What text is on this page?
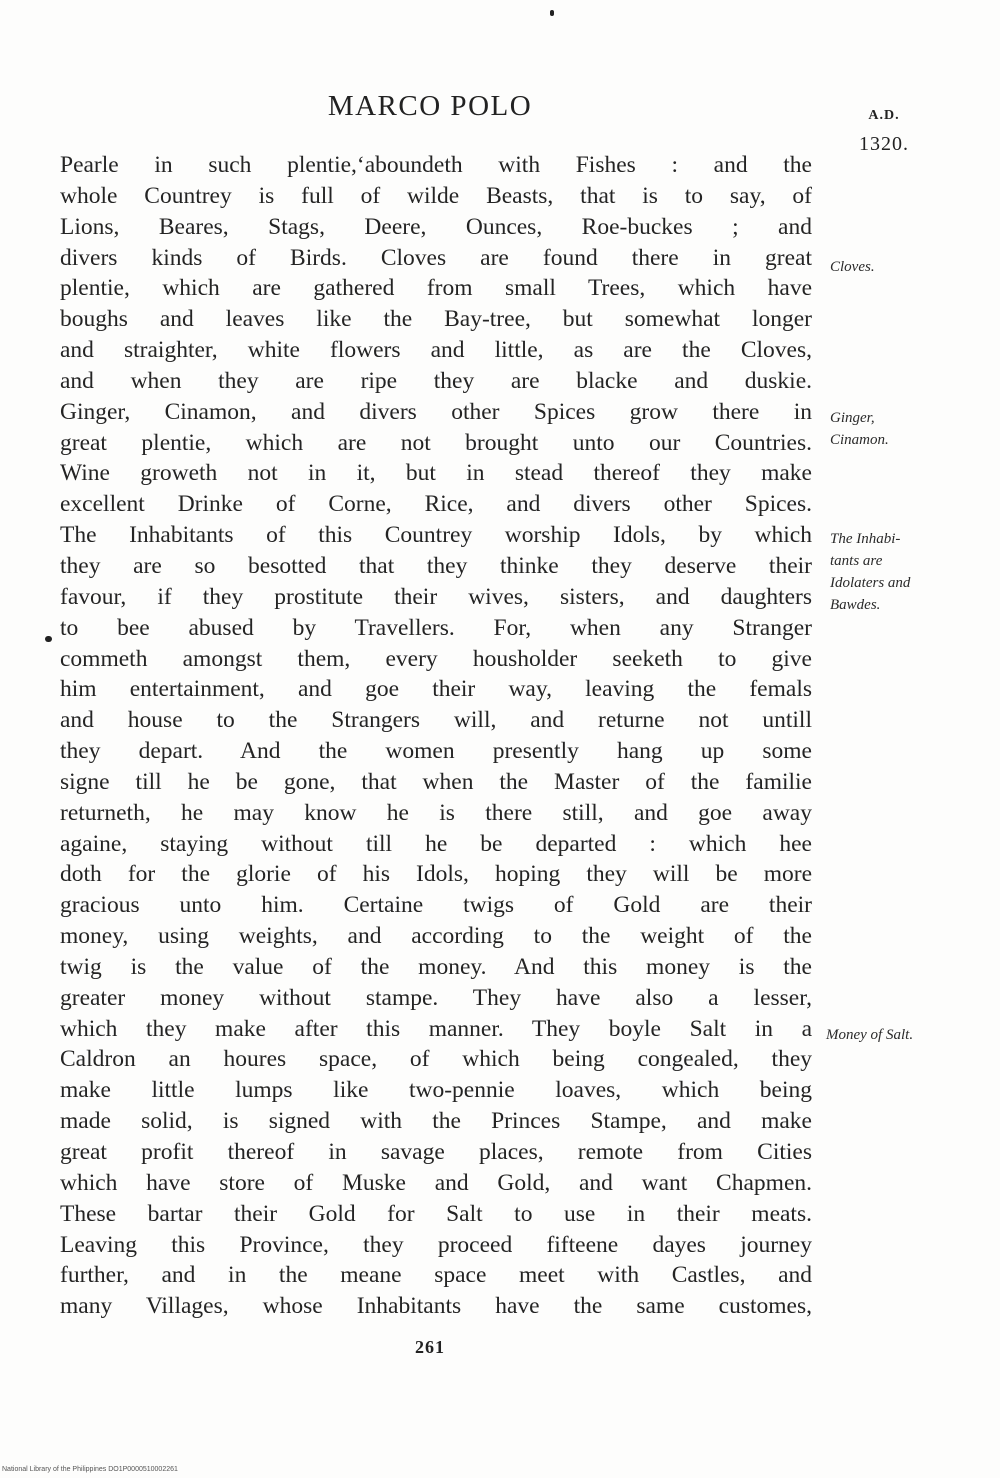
MARCO POLO	A.D.
1320.
Pearle in such plentie,ʻaboundeth with Fishes : and the
whole Countrey is full of wilde Beasts, that is to say, of
Lions, Beares, Stags, Deere, Ounces, Roe-buckes ; and
divers kinds of Birds. Cloves are found there in great
plentie, which are gathered from small Trees, which have
boughs and leaves like the Bay-tree, but somewhat longer
and straighter, white flowers and little, as are the Cloves,
and when they are ripe they are blacke and duskie.
Ginger, Cinamon, and divers other Spices grow there in
great plentie, which are not brought unto our Countries.
Wine groweth not in it, but in stead thereof they make
excellent Drinke of Corne, Rice, and divers other Spices.
The Inhabitants of this Countrey worship Idols, by which
they are so besotted that they thinke they deserve their
favour, if they prostitute their wives, sisters, and daughters
to bee abused by Travellers. For, when any Stranger
commeth amongst them, every housholder seeketh to give
him entertainment, and goe their way, leaving the femals
and house to the Strangers will, and returne not untill
they depart. And the women presently hang up some
signe till he be gone, that when the Master of the familie
returneth, he may know he is there still, and goe away
againe, staying without till he be departed : which hee
doth for the glorie of his Idols, hoping they will be more
gracious unto him. Certaine twigs of Gold are their
money, using weights, and according to the weight of the
twig is the value of the money. And this money is the
greater money without stampe. They have also a lesser,
which they make after this manner. They boyle Salt in a
Caldron an houres space, of which being congealed, they
make little lumps like two-pennie loaves, which being
made solid, is signed with the Princes Stampe, and make
great profit thereof in savage places, remote from Cities
which have store of Muske and Gold, and want Chapmen.
These bartar their Gold for Salt to use in their meats.
Leaving this Province, they proceed fifteene dayes journey
further, and in the meane space meet with Castles, and
many Villages, whose Inhabitants have the same customes,
Cloves.
Ginger,
Cinamon.
The Inhabi-
tants are
Idolaters and
Bawdes.
Money of Salt.
261
National Library of the Philippines DO1P0000510002261
